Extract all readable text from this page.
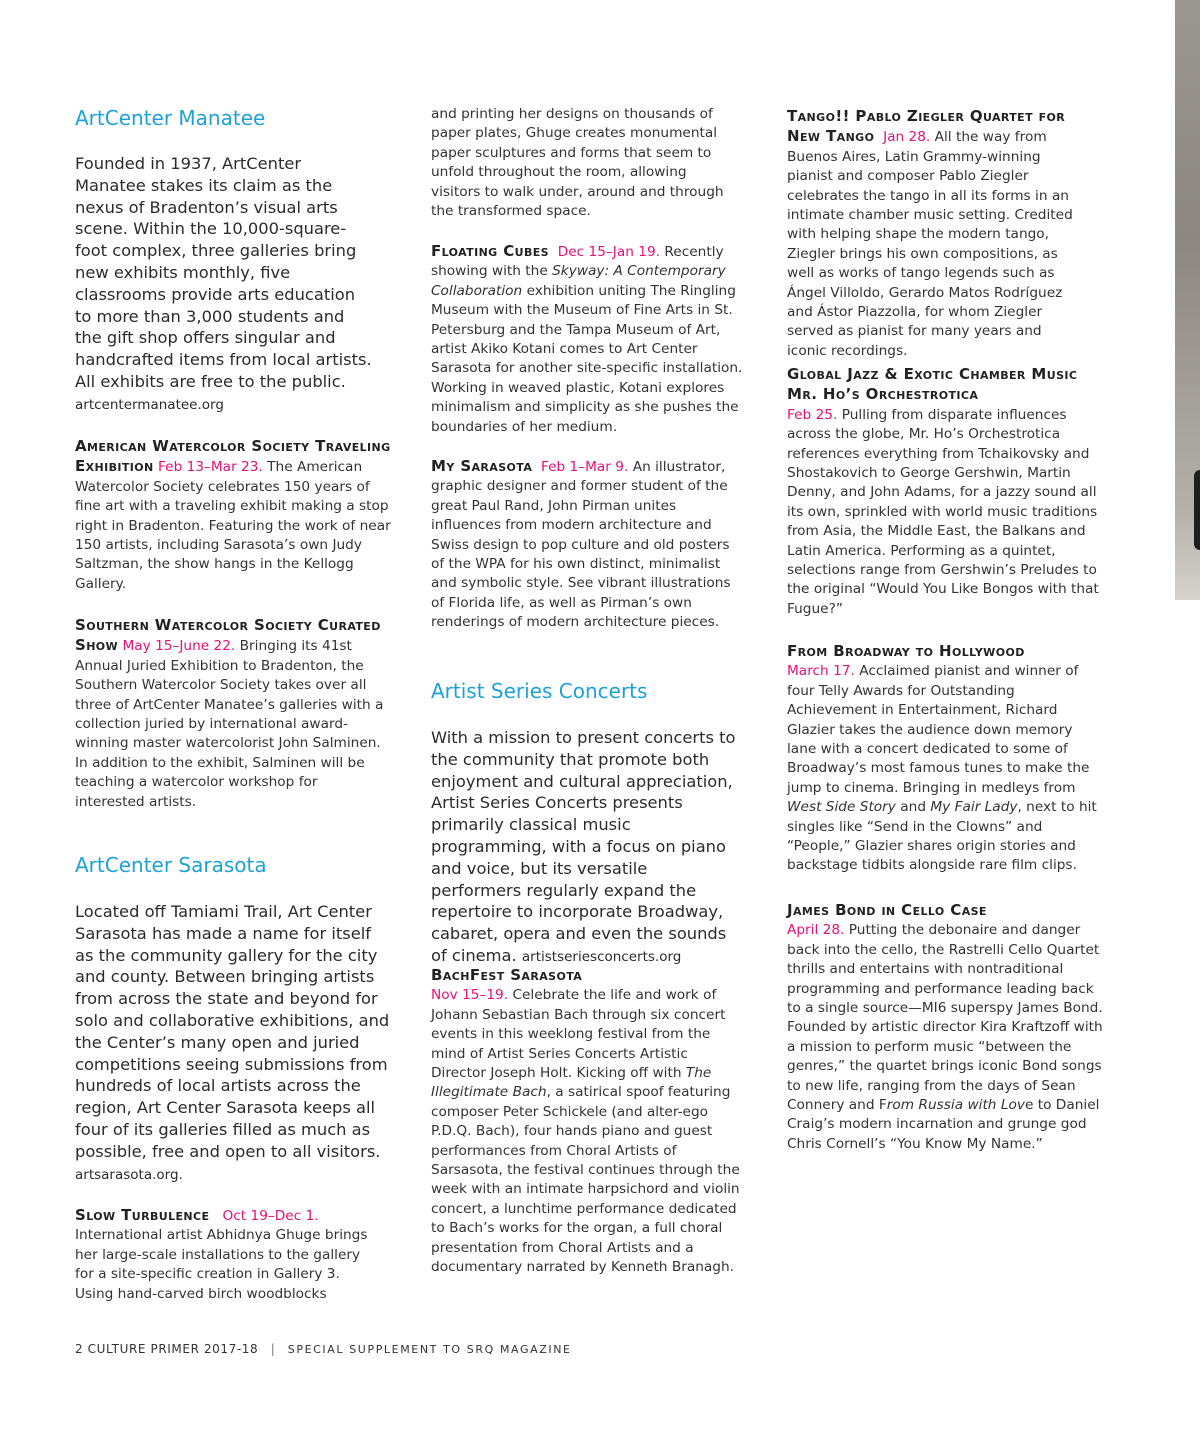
ArtCenter Manatee

Founded in 1937, ArtCenter Manatee stakes its claim as the nexus of Bradenton’s visual arts scene. Within the 10,000-square-foot complex, three galleries bring new exhibits monthly, five classrooms provide arts education to more than 3,000 students and the gift shop offers singular and handcrafted items from local artists. All exhibits are free to the public. artcentermanatee.org

American Watercolor Society Traveling Exhibition Feb 13–Mar 23. The American Watercolor Society celebrates 150 years of fine art with a traveling exhibit making a stop right in Bradenton. Featuring the work of near 150 artists, including Sarasota’s own Judy Saltzman, the show hangs in the Kellogg Gallery.

Southern Watercolor Society Curated Show May 15–June 22. Bringing its 41st Annual Juried Exhibition to Bradenton, the Southern Watercolor Society takes over all three of ArtCenter Manatee’s galleries with a collection juried by international award-winning master watercolorist John Salminen. In addition to the exhibit, Salminen will be teaching a watercolor workshop for interested artists.

ArtCenter Sarasota

Located off Tamiami Trail, Art Center Sarasota has made a name for itself as the community gallery for the city and county. Between bringing artists from across the state and beyond for solo and collaborative exhibitions, and the Center’s many open and juried competitions seeing submissions from hundreds of local artists across the region, Art Center Sarasota keeps all four of its galleries filled as much as possible, free and open to all visitors. artsarasota.org.

Slow Turbulence Oct 19–Dec 1. International artist Abhidnya Ghuge brings her large-scale installations to the gallery for a site-specific creation in Gallery 3. Using hand-carved birch woodblocks

and printing her designs on thousands of paper plates, Ghuge creates monumental paper sculptures and forms that seem to unfold throughout the room, allowing visitors to walk under, around and through the transformed space.

Floating Cubes Dec 15–Jan 19. Recently showing with the Skyway: A Contemporary Collaboration exhibition uniting The Ringling Museum with the Museum of Fine Arts in St. Petersburg and the Tampa Museum of Art, artist Akiko Kotani comes to Art Center Sarasota for another site-specific installation. Working in weaved plastic, Kotani explores minimalism and simplicity as she pushes the boundaries of her medium.

My Sarasota Feb 1–Mar 9. An illustrator, graphic designer and former student of the great Paul Rand, John Pirman unites influences from modern architecture and Swiss design to pop culture and old posters of the WPA for his own distinct, minimalist and symbolic style. See vibrant illustrations of Florida life, as well as Pirman’s own renderings of modern architecture pieces.

Artist Series Concerts

With a mission to present concerts to the community that promote both enjoyment and cultural appreciation, Artist Series Concerts presents primarily classical music programming, with a focus on piano and voice, but its versatile performers regularly expand the repertoire to incorporate Broadway, cabaret, opera and even the sounds of cinema. artistseriesconcerts.org

BachFest Sarasota
Nov 15–19. Celebrate the life and work of Johann Sebastian Bach through six concert events in this weeklong festival from the mind of Artist Series Concerts Artistic Director Joseph Holt. Kicking off with The Illegitimate Bach, a satirical spoof featuring composer Peter Schickele (and alter-ego P.D.Q. Bach), four hands piano and guest performances from Choral Artists of Sarsasota, the festival continues through the week with an intimate harpsichord and violin concert, a lunchtime performance dedicated to Bach’s works for the organ, a full choral presentation from Choral Artists and a documentary narrated by Kenneth Branagh.

Tango!! Pablo Ziegler Quartet for New Tango Jan 28. All the way from Buenos Aires, Latin Grammy-winning pianist and composer Pablo Ziegler celebrates the tango in all its forms in an intimate chamber music setting. Credited with helping shape the modern tango, Ziegler brings his own compositions, as well as works of tango legends such as Ángel Villoldo, Gerardo Matos Rodríguez and Ástor Piazzolla, for whom Ziegler served as pianist for many years and iconic recordings.

Global Jazz & Exotic Chamber Music Mr. Ho’s Orchestrotica
Feb 25. Pulling from disparate influences across the globe, Mr. Ho’s Orchestrotica references everything from Tchaikovsky and Shostakovich to George Gershwin, Martin Denny, and John Adams, for a jazzy sound all its own, sprinkled with world music traditions from Asia, the Middle East, the Balkans and Latin America. Performing as a quintet, selections range from Gershwin’s Preludes to the original “Would You Like Bongos with that Fugue?”

From Broadway to Hollywood
March 17. Acclaimed pianist and winner of four Telly Awards for Outstanding Achievement in Entertainment, Richard Glazier takes the audience down memory lane with a concert dedicated to some of Broadway’s most famous tunes to make the jump to cinema. Bringing in medleys from West Side Story and My Fair Lady, next to hit singles like “Send in the Clowns” and “People,” Glazier shares origin stories and backstage tidbits alongside rare film clips.

James Bond in Cello Case
April 28. Putting the debonaire and danger back into the cello, the Rastrelli Cello Quartet thrills and entertains with nontraditional programming and performance leading back to a single source—MI6 superspy James Bond. Founded by artistic director Kira Kraftzoff with a mission to perform music “between the genres,” the quartet brings iconic Bond songs to new life, ranging from the days of Sean Connery and From Russia with Love to Daniel Craig’s modern incarnation and grunge god Chris Cornell’s “You Know My Name.”

2 CULTURE PRIMER 2017-18 | SPECIAL SUPPLEMENT TO SRQ MAGAZINE
